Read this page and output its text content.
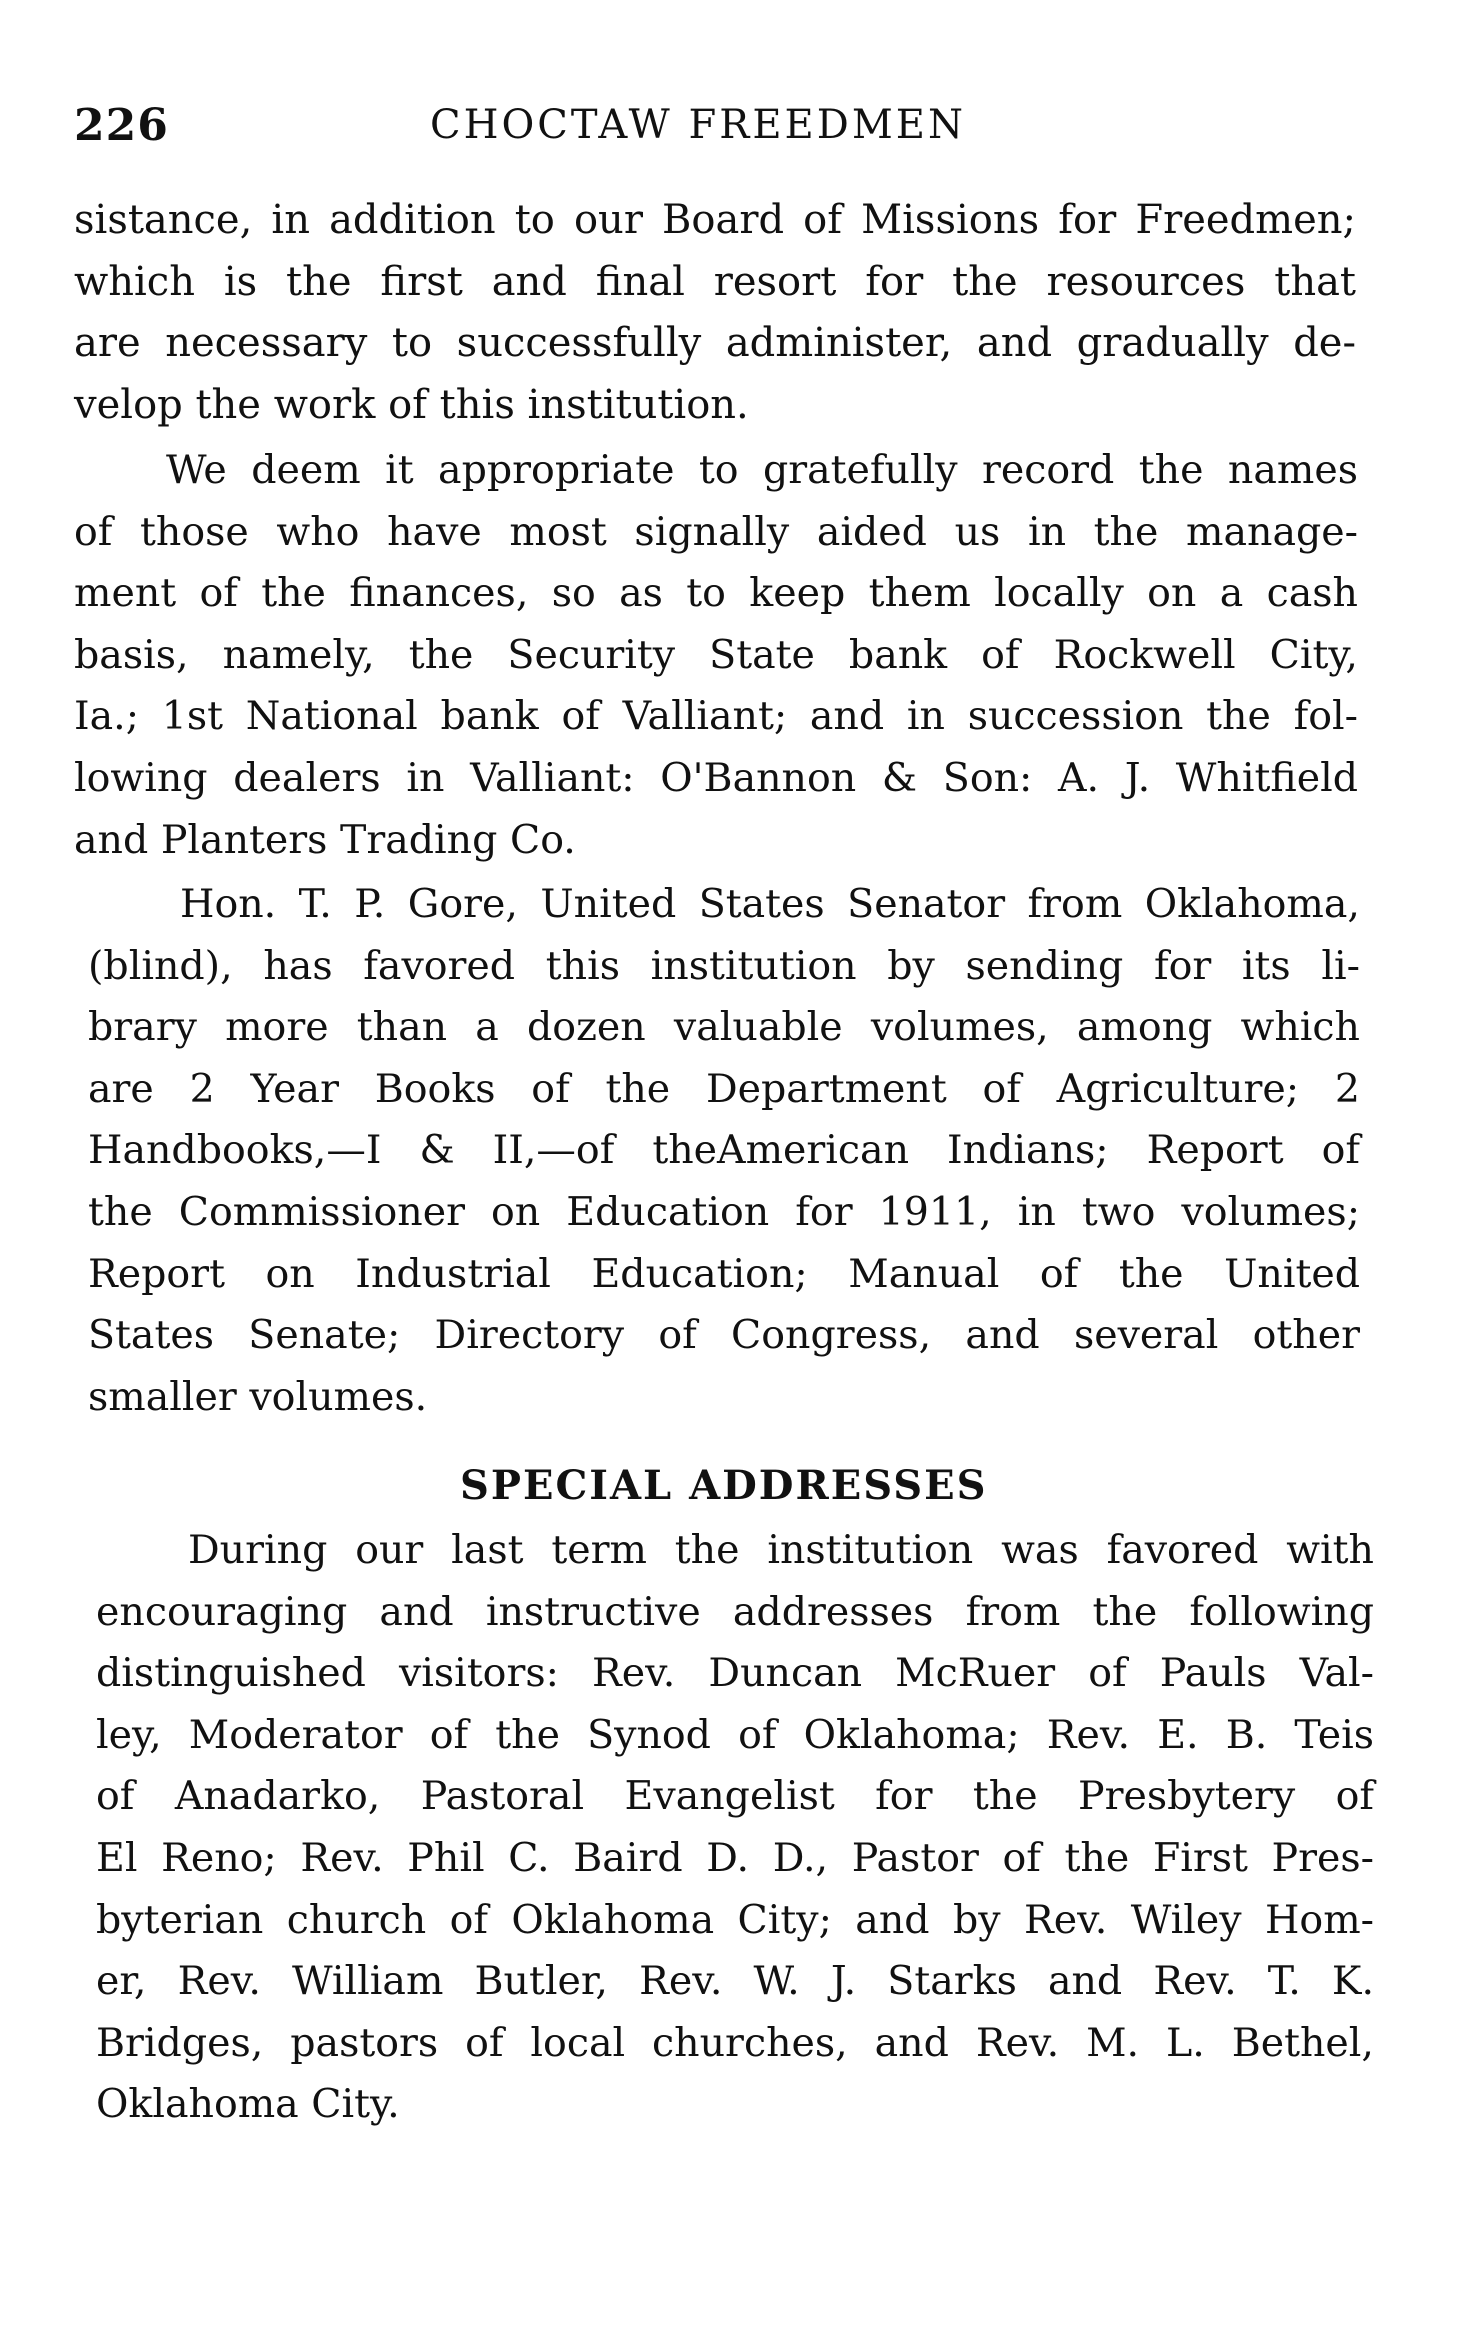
226	CHOCTAW FREEDMEN

sistance, in addition to our Board of Missions for Freedmen;
which is the first and final resort for the resources that
are necessary to successfully administer, and gradually de-
velop the work of this institution.

We deem it appropriate to gratefully record the names
of those who have most signally aided us in the manage-
ment of the finances, so as to keep them locally on a cash
basis, namely, the Security State bank of Rockwell City,
Ia.; 1st National bank of Valliant; and in succession the fol-
lowing dealers in Valliant: O'Bannon & Son: A. J. Whitfield
and Planters Trading Co.

Hon. T. P. Gore, United States Senator from Oklahoma,
(blind), has favored this institution by sending for its li-
brary more than a dozen valuable volumes, among which
are 2 Year Books of the Department of Agriculture; 2
Handbooks,—I & II,—of theAmerican Indians; Report of
the Commissioner on Education for 1911, in two volumes;
Report on Industrial Education; Manual of the United
States Senate; Directory of Congress, and several other
smaller volumes.

SPECIAL ADDRESSES

During our last term the institution was favored with
encouraging and instructive addresses from the following
distinguished visitors: Rev. Duncan McRuer of Pauls Val-
ley, Moderator of the Synod of Oklahoma; Rev. E. B. Teis
of Anadarko, Pastoral Evangelist for the Presbytery of
El Reno; Rev. Phil C. Baird D. D., Pastor of the First Pres-
byterian church of Oklahoma City; and by Rev. Wiley Hom-
er, Rev. William Butler, Rev. W. J. Starks and Rev. T. K.
Bridges, pastors of local churches, and Rev. M. L. Bethel,
Oklahoma City.
